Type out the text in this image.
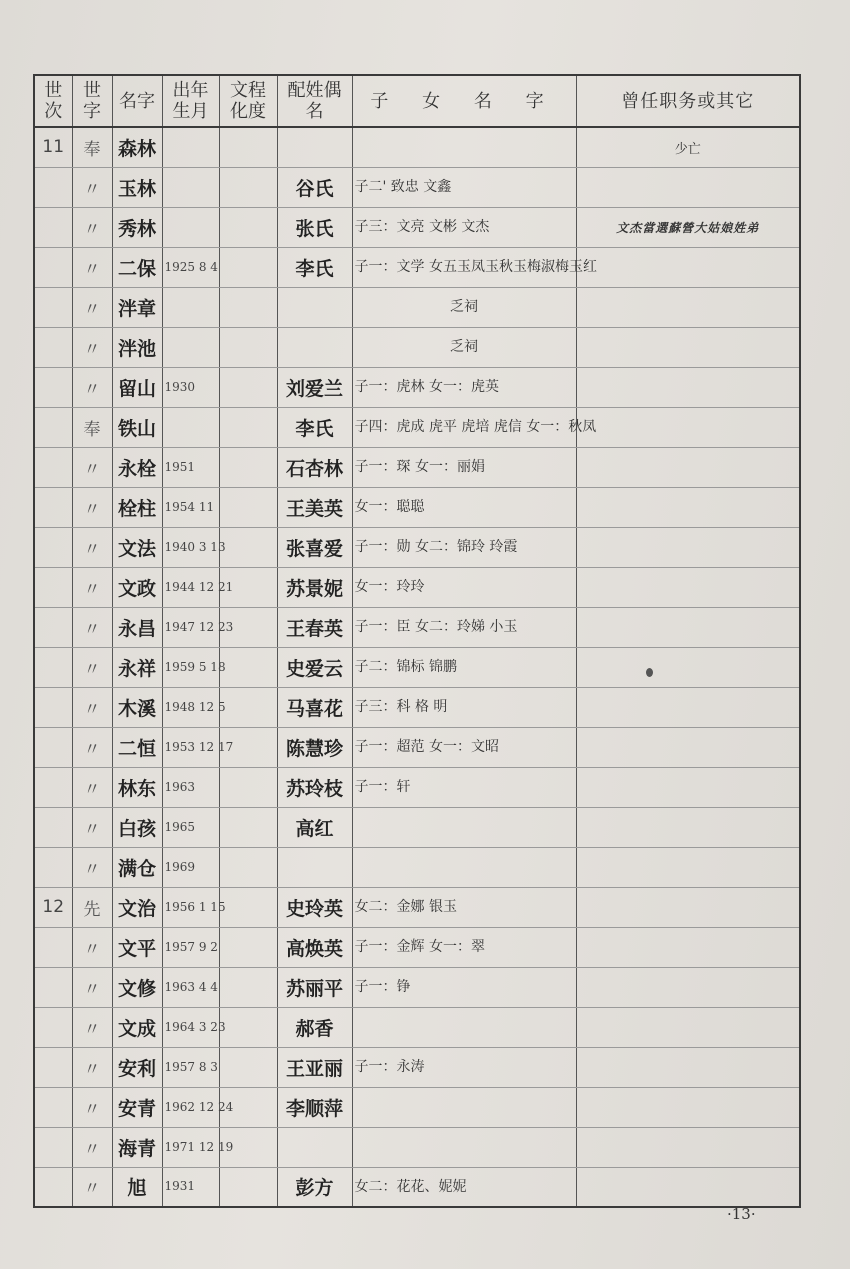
世次	世字	名字	出年生月	文程化度	配姓偶名	子 女 名 字	曾任职务或其它
11	奉	森林					少亡
	〃	玉林			谷氏	子二' 致忠 文鑫	
	〃	秀林			张氏	子三：文亮 文彬 文杰	文杰當選蘇營大姑娘姓弟
	〃	二保	1925 8 4		李氏	子一：文学 女五玉凤玉秋玉梅淑梅玉红	
	〃	泮章				乏祠	
	〃	泮池				乏祠	
	〃	留山	1930		刘爱兰	子一：虎林 女一：虎英	
	奉	铁山			李氏	子四：虎成 虎平 虎培 虎信 女一：秋凤	
	〃	永栓	1951		石杏林	子一：琛 女一：丽娟	
	〃	栓柱	1954 11		王美英	女一：聪聪	
	〃	文法	1940 3 13		张喜爱	子一：勋 女二：锦玲 玲霞	
	〃	文政	1944 12 21		苏景妮	女一：玲玲	
	〃	永昌	1947 12 23		王春英	子一：臣 女二：玲娣 小玉	
	〃	永祥	1959 5 18		史爱云	子二：锦标 锦鹏	
	〃	木溪	1948 12 5		马喜花	子三：科 格 明	
	〃	二恒	1953 12 17		陈慧珍	子一：超范 女一：文昭	
	〃	林东	1963		苏玲枝	子一：轩	
	〃	白孩	1965		高红		
	〃	满仓	1969				
12	先	文治	1956 1 15		史玲英	女二：金娜 银玉	
	〃	文平	1957 9 2		高焕英	子一：金辉 女一：翠	
	〃	文修	1963 4 4		苏丽平	子一：铮	
	〃	文成	1964 3 23		郝香		
	〃	安利	1957 8 3		王亚丽	子一：永涛	
	〃	安青	1962 12 24		李顺萍		
	〃	海青	1971 12 19				
	〃	旭	1931		彭方	女二：花花、妮妮	
·13·
